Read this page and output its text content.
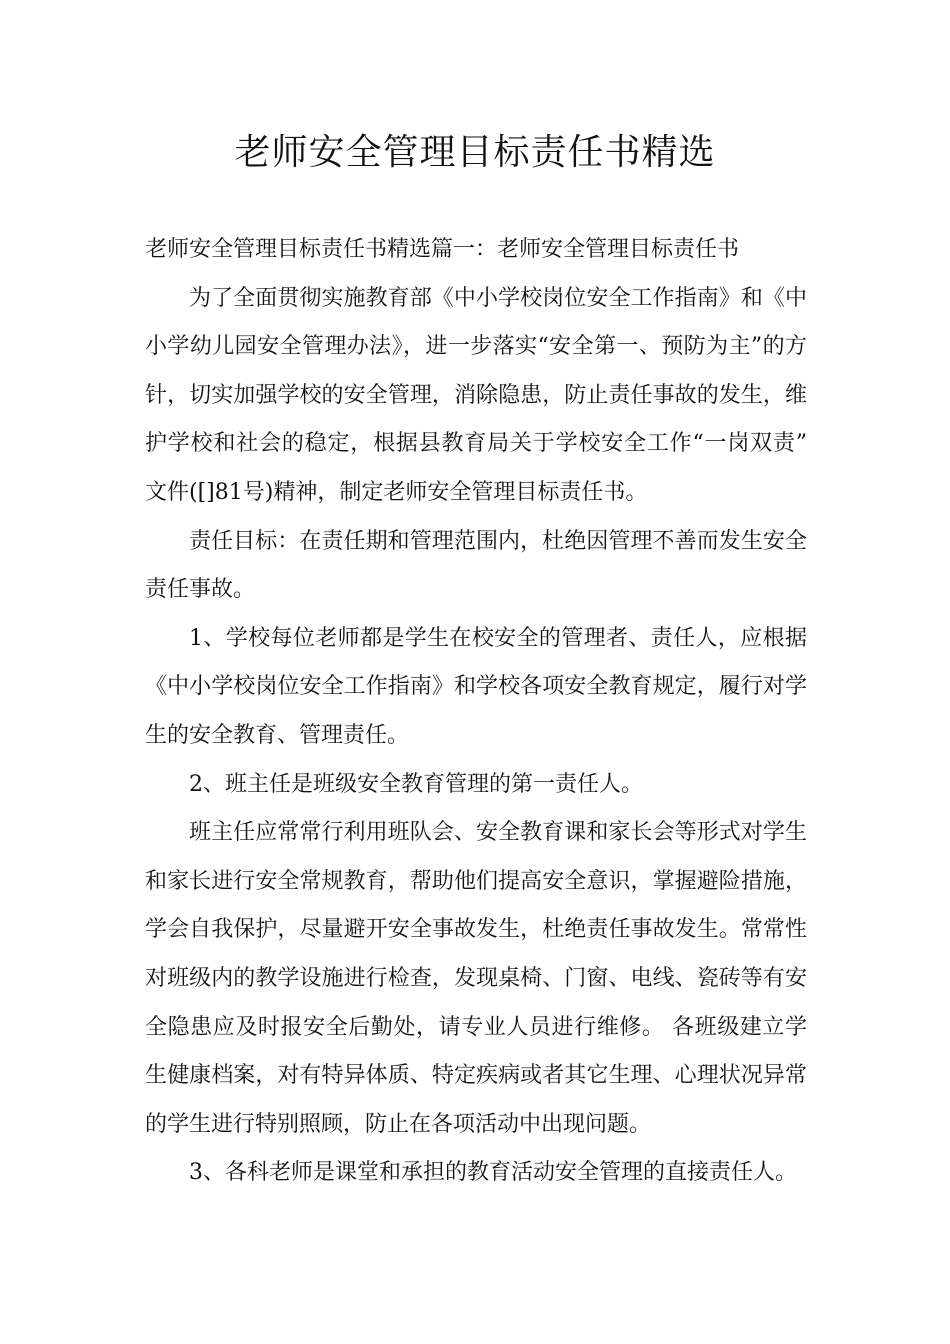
老师安全管理目标责任书精选

老师安全管理目标责任书精选篇一：老师安全管理目标责任书

为了全面贯彻实施教育部《中小学校岗位安全工作指南》和《中小学幼儿园安全管理办法》，进一步落实“安全第一、预防为主”的方针，切实加强学校的安全管理，消除隐患，防止责任事故的发生，维护学校和社会的稳定，根据县教育局关于学校安全工作“一岗双责” 文件([]81号)精神，制定老师安全管理目标责任书。

责任目标：在责任期和管理范围内，杜绝因管理不善而发生安全责任事故。

1、学校每位老师都是学生在校安全的管理者、责任人，应根据《中小学校岗位安全工作指南》和学校各项安全教育规定，履行对学生的安全教育、管理责任。

2、班主任是班级安全教育管理的第一责任人。

班主任应常常行利用班队会、安全教育课和家长会等形式对学生和家长进行安全常规教育，帮助他们提高安全意识，掌握避险措施，学会自我保护，尽量避开安全事故发生，杜绝责任事故发生。常常性对班级内的教学设施进行检查，发现桌椅、门窗、电线、瓷砖等有安全隐患应及时报安全后勤处，请专业人员进行维修。 各班级建立学生健康档案，对有特异体质、特定疾病或者其它生理、心理状况异常的学生进行特别照顾，防止在各项活动中出现问题。

3、各科老师是课堂和承担的教育活动安全管理的直接责任人。
